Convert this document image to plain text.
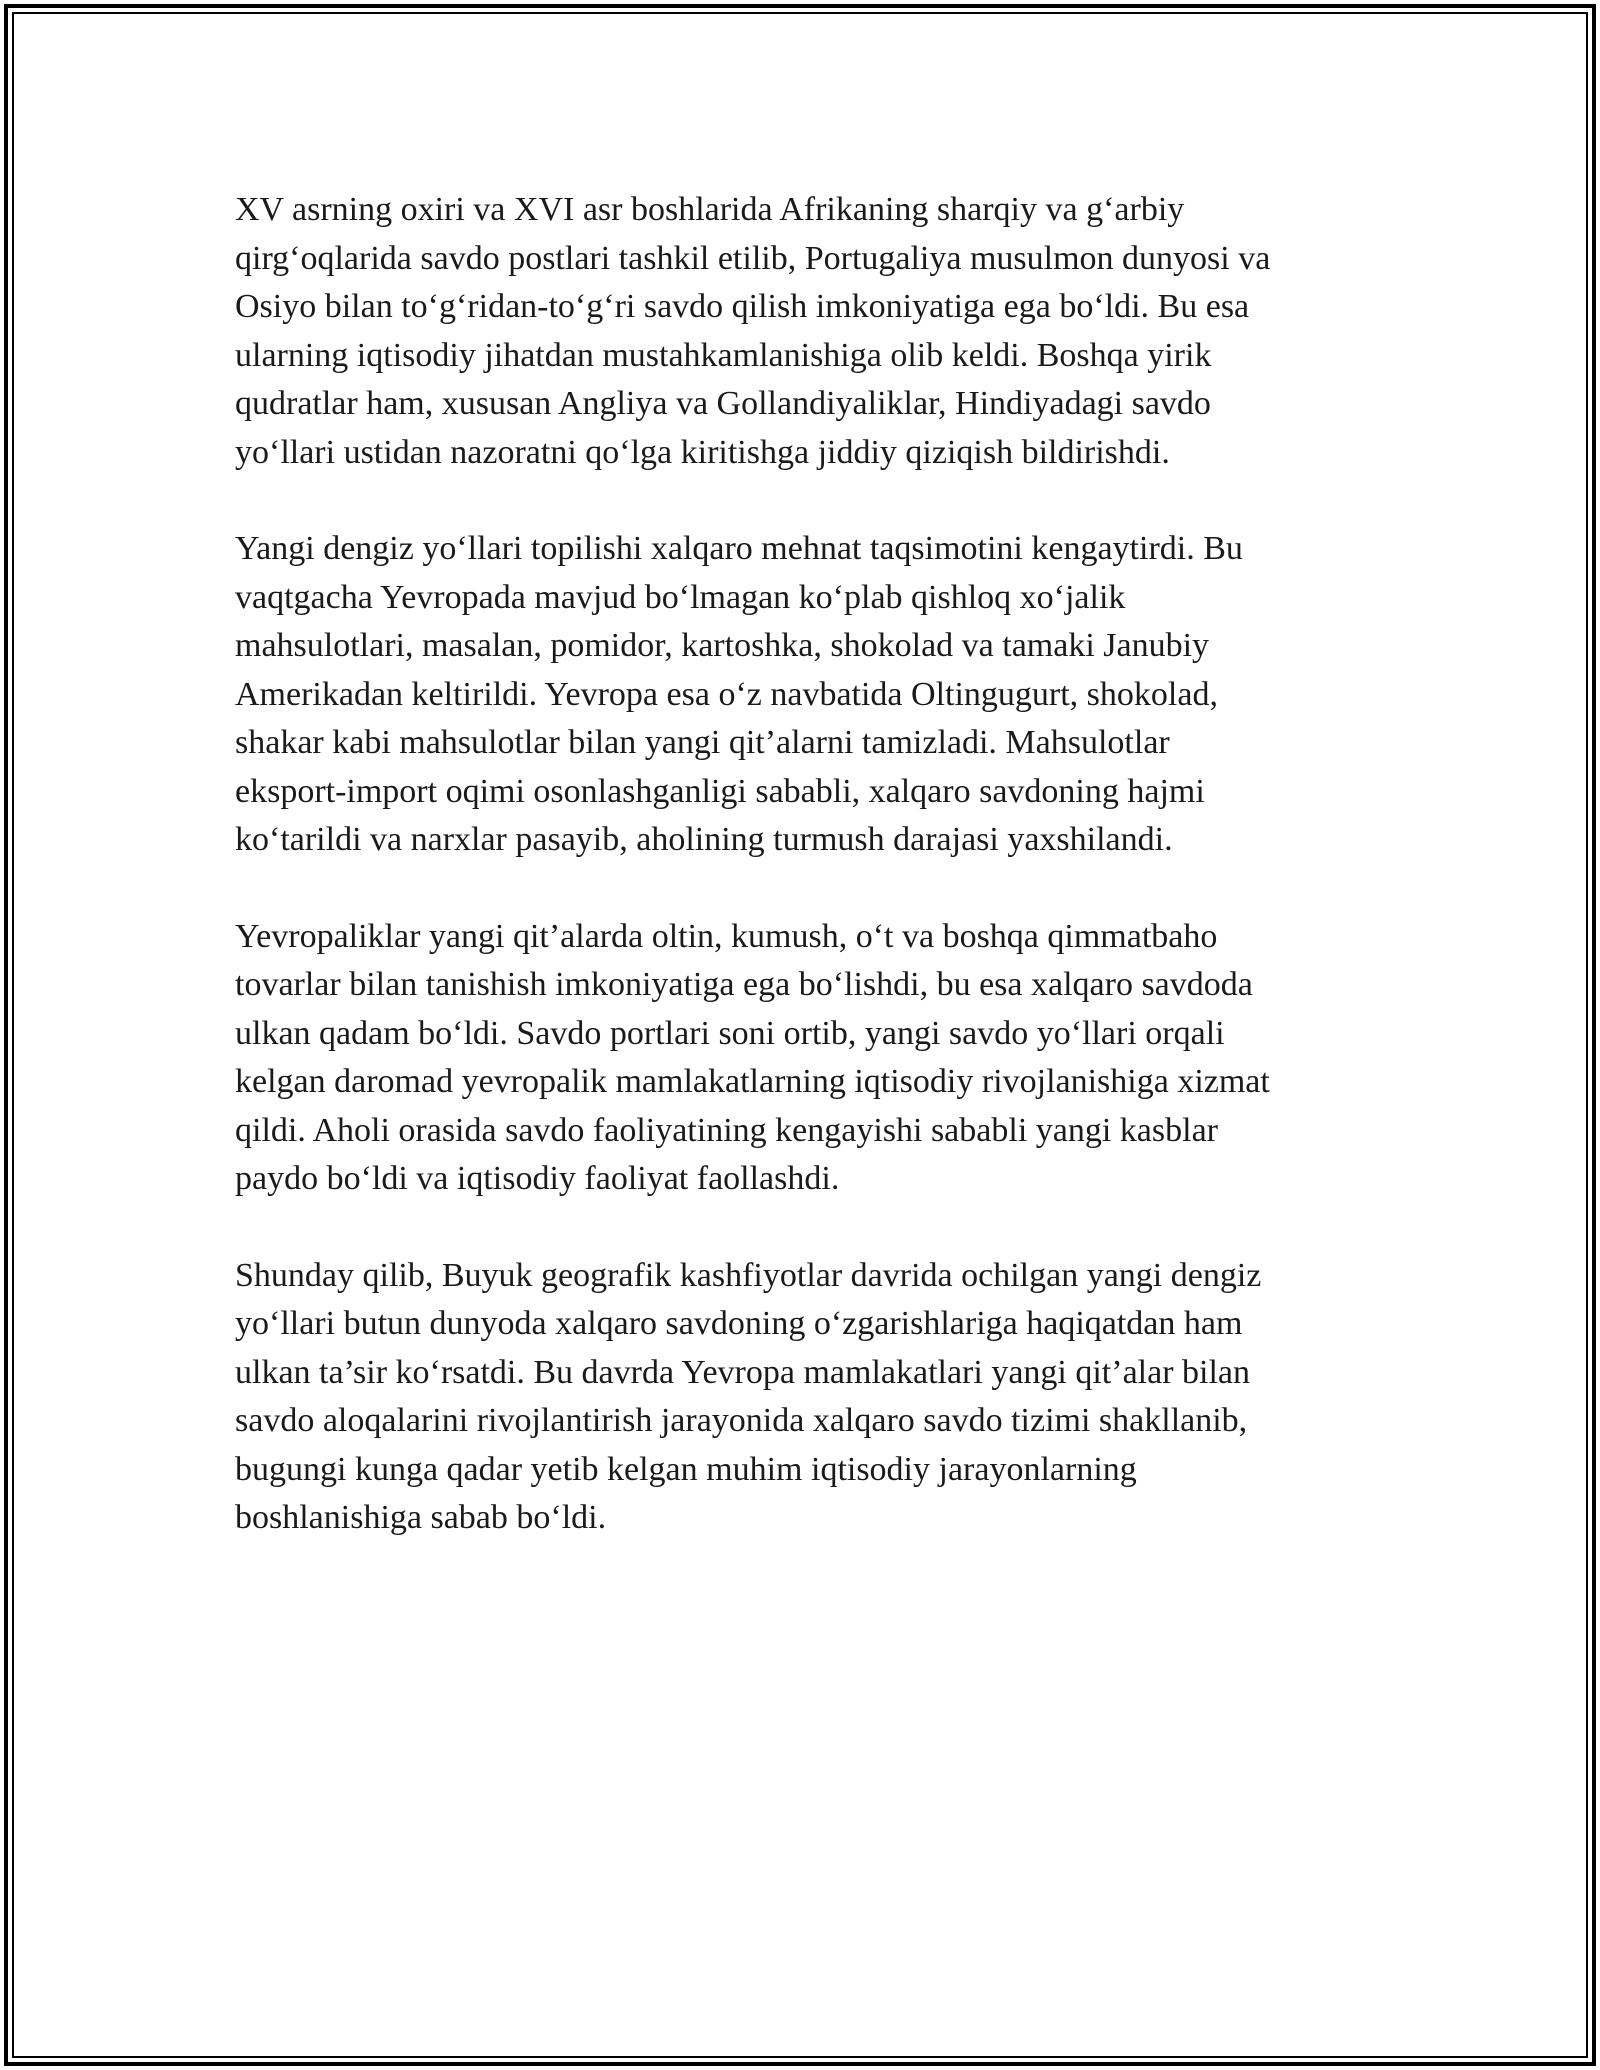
XV asrning oxiri va XVI asr boshlarida Afrikaning sharqiy va g‘arbiy
qirg‘oqlarida savdo postlari tashkil etilib, Portugaliya musulmon dunyosi va
Osiyo bilan to‘g‘ridan-to‘g‘ri savdo qilish imkoniyatiga ega bo‘ldi. Bu esa
ularning iqtisodiy jihatdan mustahkamlanishiga olib keldi. Boshqa yirik
qudratlar ham, xususan Angliya va Gollandiyaliklar, Hindiyadagi savdo
yo‘llari ustidan nazoratni qo‘lga kiritishga jiddiy qiziqish bildirishdi.

Yangi dengiz yo‘llari topilishi xalqaro mehnat taqsimotini kengaytirdi. Bu
vaqtgacha Yevropada mavjud bo‘lmagan ko‘plab qishloq xo‘jalik
mahsulotlari, masalan, pomidor, kartoshka, shokolad va tamaki Janubiy
Amerikadan keltirildi. Yevropa esa o‘z navbatida Oltingugurt, shokolad,
shakar kabi mahsulotlar bilan yangi qit’alarni tamizladi. Mahsulotlar
eksport-import oqimi osonlashganligi sababli, xalqaro savdoning hajmi
ko‘tarildi va narxlar pasayib, aholining turmush darajasi yaxshilandi.

Yevropaliklar yangi qit’alarda oltin, kumush, o‘t va boshqa qimmatbaho
tovarlar bilan tanishish imkoniyatiga ega bo‘lishdi, bu esa xalqaro savdoda
ulkan qadam bo‘ldi. Savdo portlari soni ortib, yangi savdo yo‘llari orqali
kelgan daromad yevropalik mamlakatlarning iqtisodiy rivojlanishiga xizmat
qildi. Aholi orasida savdo faoliyatining kengayishi sababli yangi kasblar
paydo bo‘ldi va iqtisodiy faoliyat faollashdi.

Shunday qilib, Buyuk geografik kashfiyotlar davrida ochilgan yangi dengiz
yo‘llari butun dunyoda xalqaro savdoning o‘zgarishlariga haqiqatdan ham
ulkan ta’sir ko‘rsatdi. Bu davrda Yevropa mamlakatlari yangi qit’alar bilan
savdo aloqalarini rivojlantirish jarayonida xalqaro savdo tizimi shakllanib,
bugungi kunga qadar yetib kelgan muhim iqtisodiy jarayonlarning
boshlanishiga sabab bo‘ldi.
